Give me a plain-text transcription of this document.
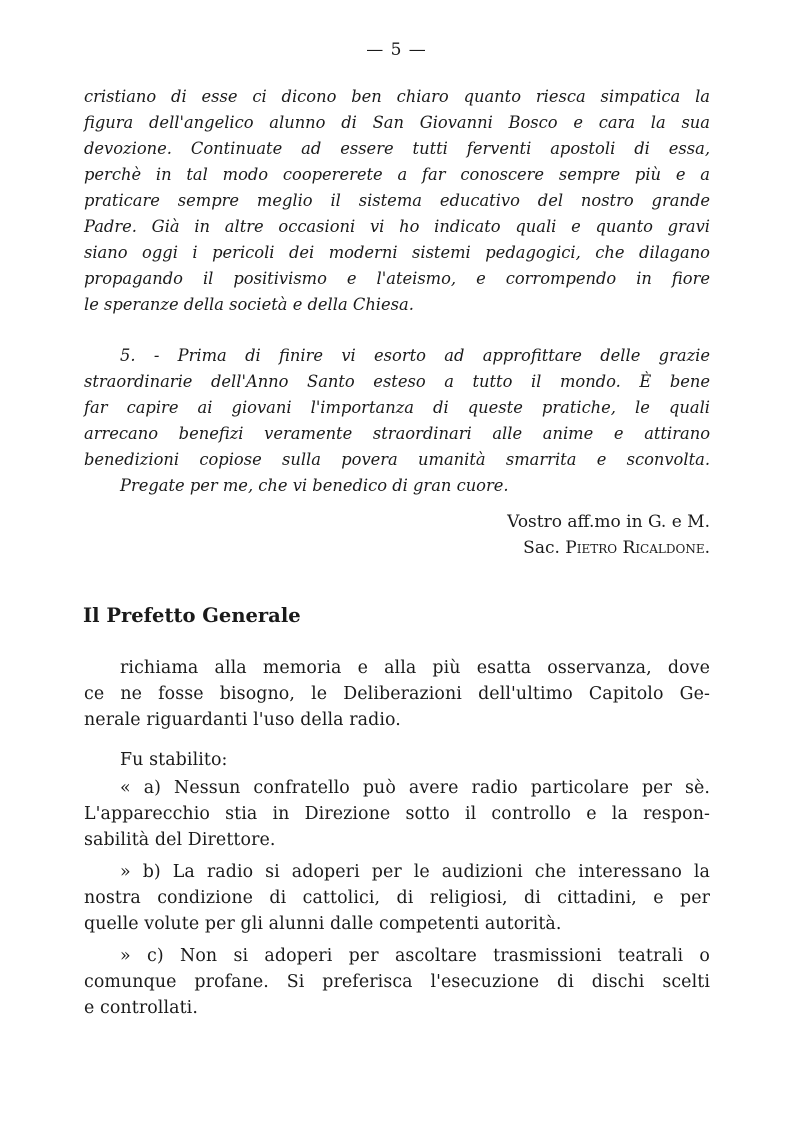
— 5 —
cristiano di esse ci dicono ben chiaro quanto riesca simpatica la
figura dell'angelico alunno di San Giovanni Bosco e cara la sua
devozione. Continuate ad essere tutti ferventi apostoli di essa,
perchè in tal modo coopererete a far conoscere sempre più e a
praticare sempre meglio il sistema educativo del nostro grande
Padre. Già in altre occasioni vi ho indicato quali e quanto gravi
siano oggi i pericoli dei moderni sistemi pedagogici, che dilagano
propagando il positivismo e l'ateismo, e corrompendo in fiore
le speranze della società e della Chiesa.
5. - Prima di finire vi esorto ad approfittare delle grazie
straordinarie dell'Anno Santo esteso a tutto il mondo. È bene
far capire ai giovani l'importanza di queste pratiche, le quali
arrecano benefizi veramente straordinari alle anime e attirano
benedizioni copiose sulla povera umanità smarrita e sconvolta.
Pregate per me, che vi benedico di gran cuore.
Vostro aff.mo in G. e M.
Sac. Pietro Ricaldone.
Il Prefetto Generale
richiama alla memoria e alla più esatta osservanza, dove
ce ne fosse bisogno, le Deliberazioni dell'ultimo Capitolo Ge-
nerale riguardanti l'uso della radio.
Fu stabilito:
« a) Nessun confratello può avere radio particolare per sè.
L'apparecchio stia in Direzione sotto il controllo e la respon-
sabilità del Direttore.
» b) La radio si adoperi per le audizioni che interessano la
nostra condizione di cattolici, di religiosi, di cittadini, e per
quelle volute per gli alunni dalle competenti autorità.
» c) Non si adoperi per ascoltare trasmissioni teatrali o
comunque profane. Si preferisca l'esecuzione di dischi scelti
e controllati.
